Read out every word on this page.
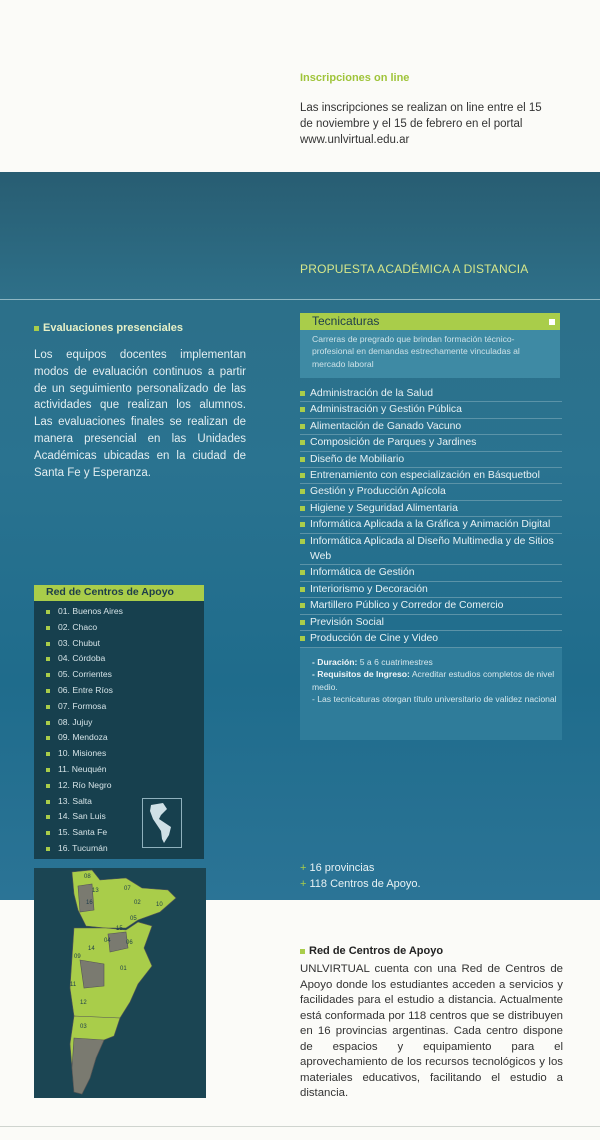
Inscripciones on line
Las inscripciones se realizan on line entre el 15 de noviembre y el 15 de febrero en el portal www.unlvirtual.edu.ar
PROPUESTA ACADÉMICA A DISTANCIA
Evaluaciones presenciales
Los equipos docentes implementan modos de evaluación continuos a partir de un seguimiento personalizado de las actividades que realizan los alumnos. Las evaluaciones finales se realizan de manera presencial en las Unidades Académicas ubicadas en la ciudad de Santa Fe y Esperanza.
Tecnicaturas
Carreras de pregrado que brindan formación técnico-profesional en demandas estrechamente vinculadas al mercado laboral
Administración de la Salud
Administración y Gestión Pública
Alimentación de Ganado Vacuno
Composición de Parques y Jardines
Diseño de Mobiliario
Entrenamiento con especialización en Básquetbol
Gestión y Producción Apícola
Higiene y Seguridad Alimentaria
Informática Aplicada a la Gráfica y Animación Digital
Informática Aplicada al Diseño Multimedia y de Sitios Web
Informática de Gestión
Interiorismo y Decoración
Martillero Público y Corredor de Comercio
Previsión Social
Producción de Cine y Video
- Duración: 5 a 6 cuatrimestres
- Requisitos de Ingreso: Acreditar estudios completos de nivel medio.
- Las tecnicaturas otorgan título universitario de validez nacional
Red de Centros de Apoyo
01. Buenos Aires
02. Chaco
03. Chubut
04. Córdoba
05. Corrientes
06. Entre Ríos
07. Formosa
08. Jujuy
09. Mendoza
10. Misiones
11. Neuquén
12. Río Negro
13. Salta
14. San Luis
15. Santa Fe
16. Tucumán
08
13	07
16	02	10
05
15
06
14
04
09
11
01
12
03
+ 16 provincias
+ 118 Centros de Apoyo.
Red de Centros de Apoyo
UNLVIRTUAL cuenta con una Red de Centros de Apoyo donde los estudiantes acceden a servicios y facilidades para el estudio a distancia. Actualmente está conformada por 118 centros que se distribuyen en 16 provincias argentinas. Cada centro dispone de espacios y equipamiento para el aprovechamiento de los recursos tecnológicos y los materiales educativos, facilitando el estudio a distancia.
